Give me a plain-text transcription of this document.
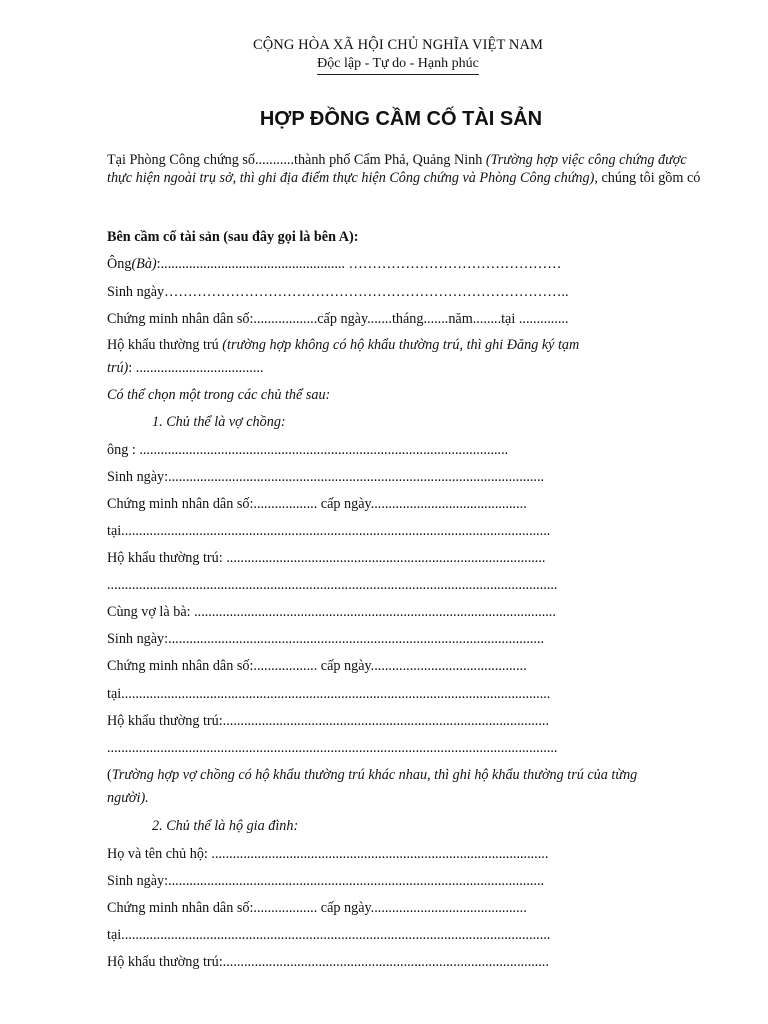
CỘNG HÒA XÃ HỘI CHỦ NGHĨA VIỆT NAM
Độc lập - Tự do - Hạnh phúc
HỢP ĐỒNG CẦM CỐ TÀI SẢN
Tại Phòng Công chứng số...........thành phố Cẩm Phả, Quảng Ninh (Trường hợp việc công chứng được thực hiện ngoài trụ sở, thì ghi địa điểm thực hiện Công chứng và Phòng Công chứng), chúng tôi gồm có
Bên cầm cố tài sản (sau đây gọi là bên A):
Ông(Bà):.................................................... ………………………………………
Sinh ngày…………………………………………………………………………..
Chứng minh nhân dân số:..................cấp ngày.......tháng.......năm........tại ..............
Hộ khẩu thường trú (trường hợp không có hộ khẩu thường trú, thì ghi Đăng ký tạm
trú): ....................................
Có thể chọn một trong các chủ thể sau:
1. Chủ thể là vợ chồng:
ông : ........................................................................................................
Sinh ngày:..........................................................................................................
Chứng minh nhân dân số:.................. cấp ngày............................................
tại.........................................................................................................................
Hộ khẩu thường trú: ..........................................................................................
...............................................................................................................................
Cùng vợ là bà: ......................................................................................................
Sinh ngày:..........................................................................................................
Chứng minh nhân dân số:.................. cấp ngày............................................
tại.........................................................................................................................
Hộ khẩu thường trú:............................................................................................
...............................................................................................................................
(Trường hợp vợ chồng có hộ khẩu thường trú khác nhau, thì ghi hộ khẩu thường trú của từng
người).
2. Chủ thể là hộ gia đình:
Họ và tên chủ hộ: ...............................................................................................
Sinh ngày:..........................................................................................................
Chứng minh nhân dân số:.................. cấp ngày............................................
tại.........................................................................................................................
Hộ khẩu thường trú:............................................................................................
